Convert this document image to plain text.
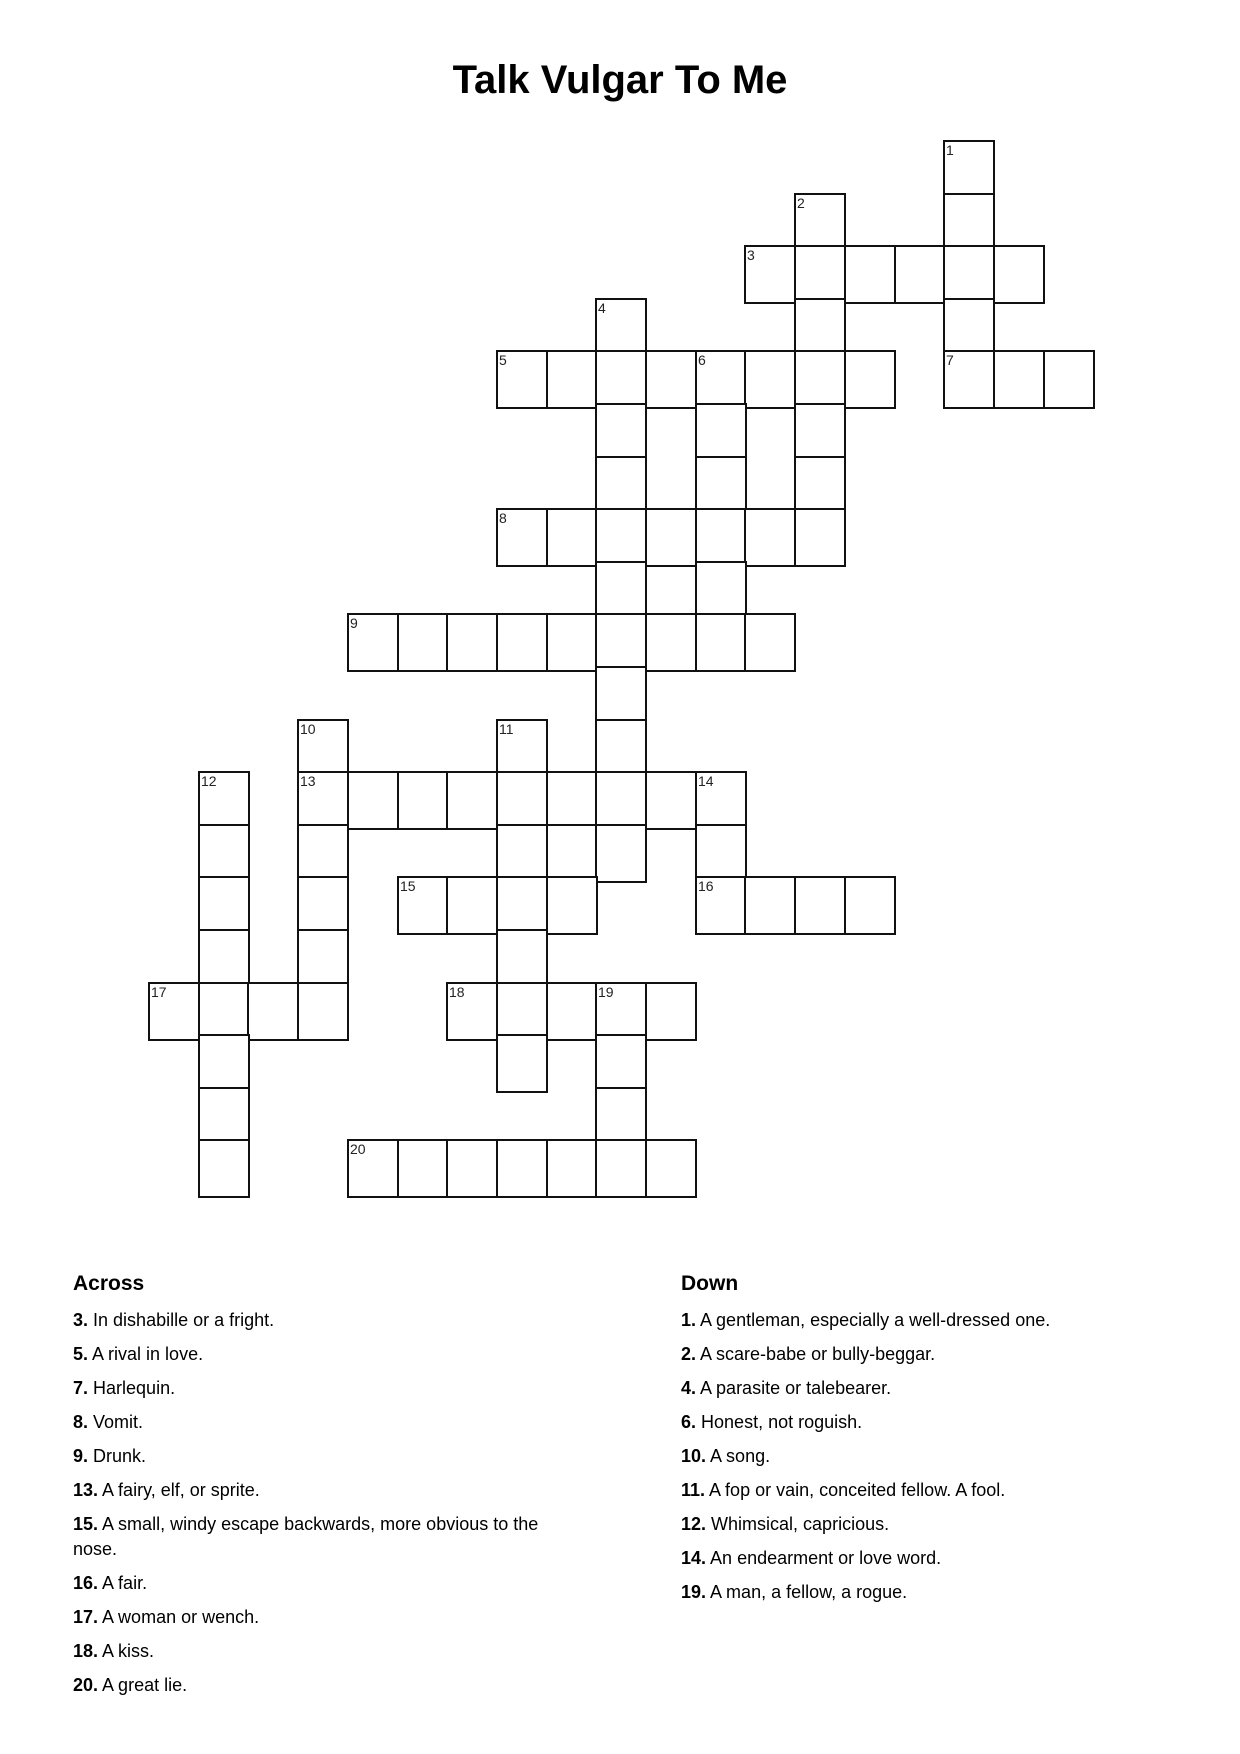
Talk Vulgar To Me
1
2
3
4
5	6	7
8
9
10	11
12	13	14
15	16
17	18	19
20
Across
3. In dishabille or a fright.
5. A rival in love.
7. Harlequin.
8. Vomit.
9. Drunk.
13. A fairy, elf, or sprite.
15. A small, windy escape backwards, more obvious to the nose.
16. A fair.
17. A woman or wench.
18. A kiss.
20. A great lie.
Down
1. A gentleman, especially a well-dressed one.
2. A scare-babe or bully-beggar.
4. A parasite or talebearer.
6. Honest, not roguish.
10. A song.
11. A fop or vain, conceited fellow. A fool.
12. Whimsical, capricious.
14. An endearment or love word.
19. A man, a fellow, a rogue.
